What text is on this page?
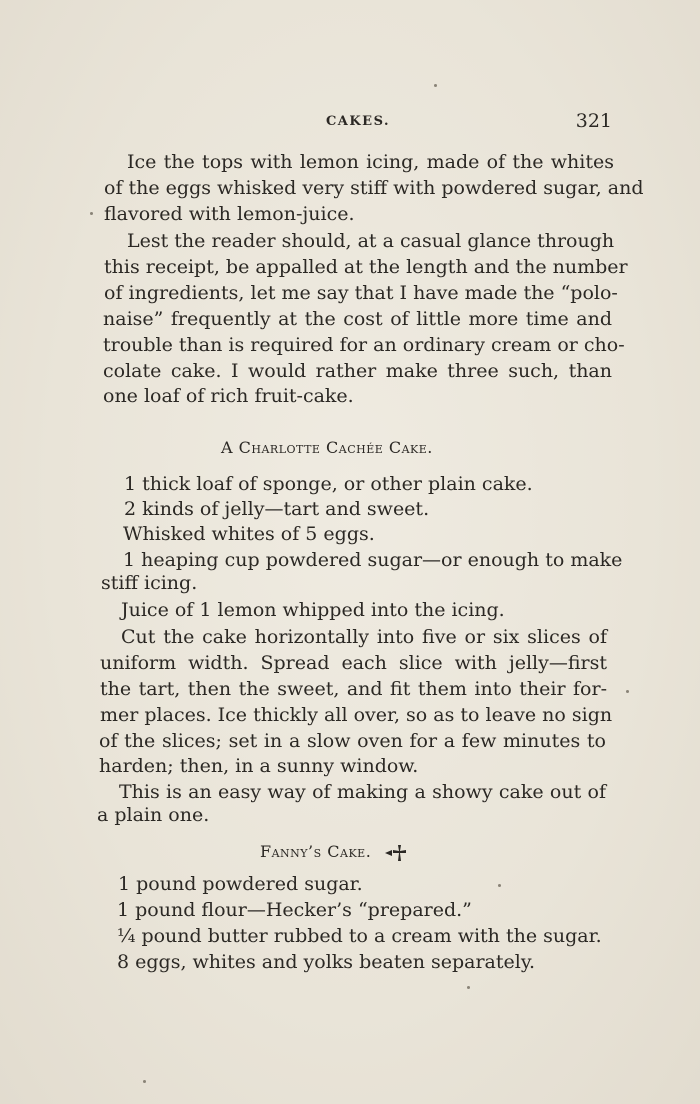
CAKES.	321
Ice the tops with lemon icing, made of the whites
of the eggs whisked very stiff with powdered sugar, and
flavored with lemon-juice.
Lest the reader should, at a casual glance through
this receipt, be appalled at the length and the number
of ingredients, let me say that I have made the “polo-
naise” frequently at the cost of little more time and
trouble than is required for an ordinary cream or cho-
colate cake. I would rather make three such, than
one loaf of rich fruit-cake.
A Charlotte Cachée Cake.
1 thick loaf of sponge, or other plain cake.
2 kinds of jelly—tart and sweet.
Whisked whites of 5 eggs.
1 heaping cup powdered sugar—or enough to make
stiff icing.
Juice of 1 lemon whipped into the icing.
Cut the cake horizontally into five or six slices of
uniform width. Spread each slice with jelly—first
the tart, then the sweet, and fit them into their for-
mer places. Ice thickly all over, so as to leave no sign
of the slices; set in a slow oven for a few minutes to
harden; then, in a sunny window.
This is an easy way of making a showy cake out of
a plain one.
Fanny’s Cake.
1 pound powdered sugar.
1 pound flour—Hecker’s “prepared.”
¼ pound butter rubbed to a cream with the sugar.
8 eggs, whites and yolks beaten separately.
